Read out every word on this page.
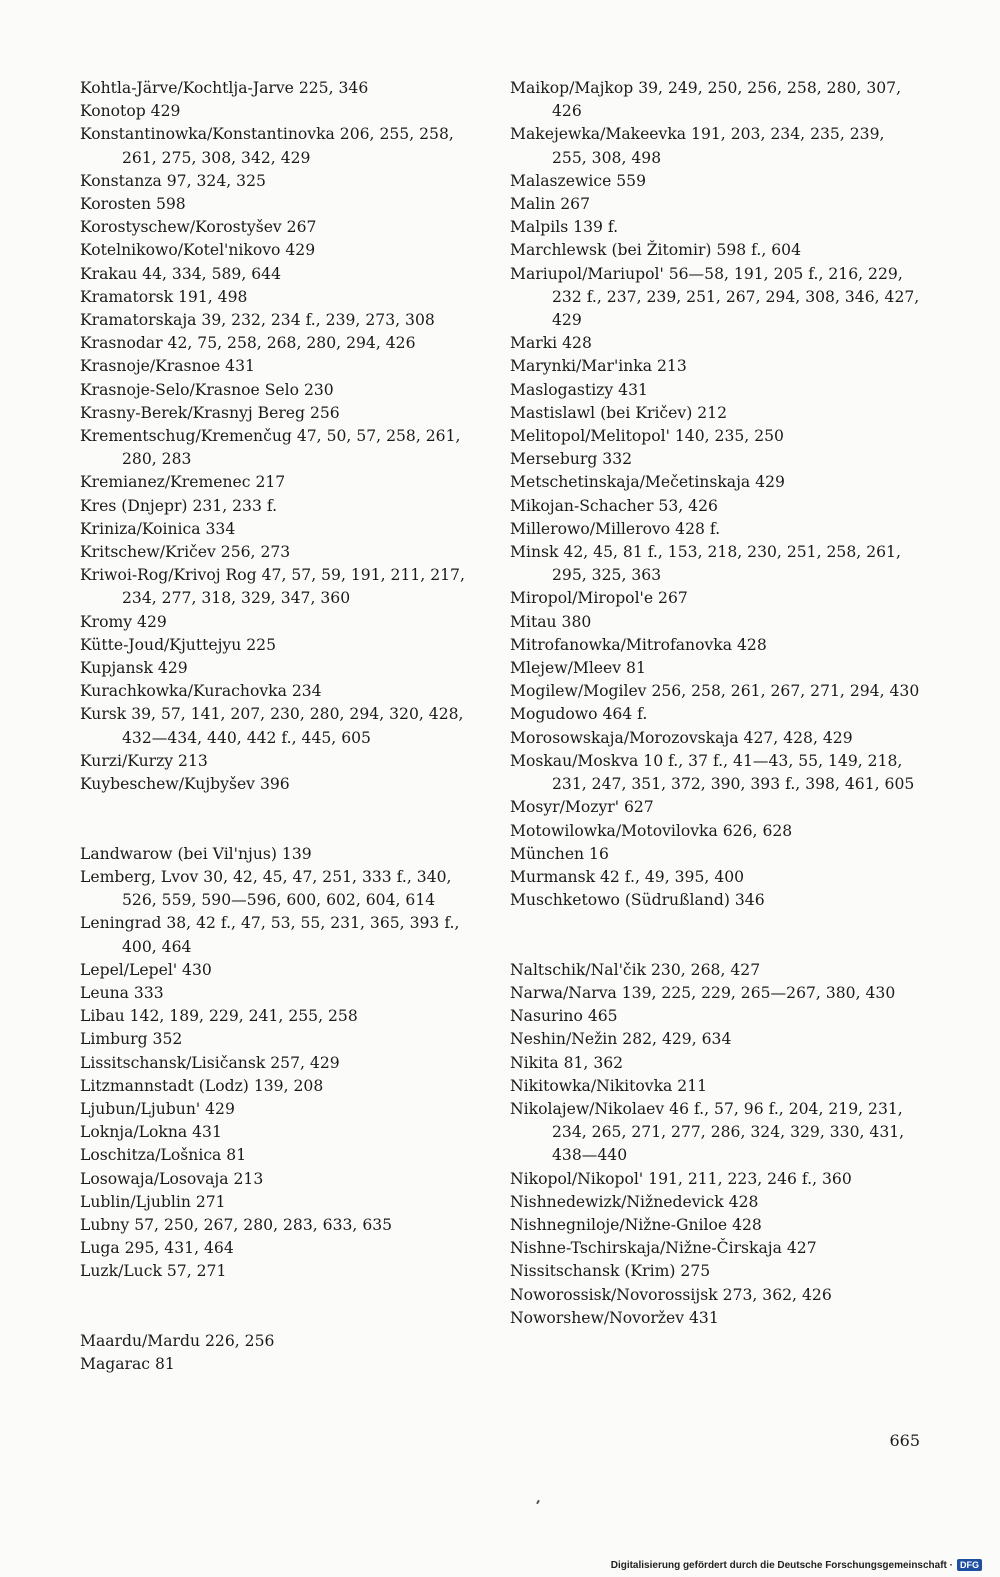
Kohtla-Järve/Kochtlja-Jarve 225, 346
Konotop 429
Konstantinowka/Konstantinovka 206, 255, 258, 261, 275, 308, 342, 429
Konstanza 97, 324, 325
Korosten 598
Korostyschew/Korostyšev 267
Kotelnikowo/Kotel'nikovo 429
Krakau 44, 334, 589, 644
Kramatorsk 191, 498
Kramatorskaja 39, 232, 234 f., 239, 273, 308
Krasnodar 42, 75, 258, 268, 280, 294, 426
Krasnoje/Krasnoe 431
Krasnoje-Selo/Krasnoe Selo 230
Krasny-Berek/Krasnyj Bereg 256
Krementschug/Kremenčug 47, 50, 57, 258, 261, 280, 283
Kremianez/Kremenec 217
Kres (Dnjepr) 231, 233 f.
Kriniza/Koinica 334
Kritschew/Kričev 256, 273
Kriwoi-Rog/Krivoj Rog 47, 57, 59, 191, 211, 217, 234, 277, 318, 329, 347, 360
Kromy 429
Kütte-Joud/Kjuttejyu 225
Kupjansk 429
Kurachkowka/Kurachovka 234
Kursk 39, 57, 141, 207, 230, 280, 294, 320, 428, 432—434, 440, 442 f., 445, 605
Kurzi/Kurzy 213
Kuybeschew/Kujbyšev 396
Landwarow (bei Vil'njus) 139
Lemberg, Lvov 30, 42, 45, 47, 251, 333 f., 340, 526, 559, 590—596, 600, 602, 604, 614
Leningrad 38, 42 f., 47, 53, 55, 231, 365, 393 f., 400, 464
Lepel/Lepel' 430
Leuna 333
Libau 142, 189, 229, 241, 255, 258
Limburg 352
Lissitschansk/Lisičansk 257, 429
Litzmannstadt (Lodz) 139, 208
Ljubun/Ljubun' 429
Loknja/Lokna 431
Loschitza/Lošnica 81
Losowaja/Losovaja 213
Lublin/Ljublin 271
Lubny 57, 250, 267, 280, 283, 633, 635
Luga 295, 431, 464
Luzk/Luck 57, 271
Maardu/Mardu 226, 256
Magarac 81
Maikop/Majkop 39, 249, 250, 256, 258, 280, 307, 426
Makejewka/Makeevka 191, 203, 234, 235, 239, 255, 308, 498
Malaszewice 559
Malin 267
Malpils 139 f.
Marchlewsk (bei Žitomir) 598 f., 604
Mariupol/Mariupol' 56—58, 191, 205 f., 216, 229, 232 f., 237, 239, 251, 267, 294, 308, 346, 427, 429
Marki 428
Marynki/Mar'inka 213
Maslogastizy 431
Mastislawl (bei Kričev) 212
Melitopol/Melitopol' 140, 235, 250
Merseburg 332
Metschetinskaja/Mečetinskaja 429
Mikojan-Schacher 53, 426
Millerowo/Millerovo 428 f.
Minsk 42, 45, 81 f., 153, 218, 230, 251, 258, 261, 295, 325, 363
Miropol/Miropol'e 267
Mitau 380
Mitrofanowka/Mitrofanovka 428
Mlejew/Mleev 81
Mogilew/Mogilev 256, 258, 261, 267, 271, 294, 430
Mogudowo 464 f.
Morosowskaja/Morozovskaja 427, 428, 429
Moskau/Moskva 10 f., 37 f., 41—43, 55, 149, 218, 231, 247, 351, 372, 390, 393 f., 398, 461, 605
Mosyr/Mozyr' 627
Motowilowka/Motovilovka 626, 628
München 16
Murmansk 42 f., 49, 395, 400
Muschketowo (Südrußland) 346
Naltschik/Nal'čik 230, 268, 427
Narwa/Narva 139, 225, 229, 265—267, 380, 430
Nasurino 465
Neshin/Nežin 282, 429, 634
Nikita 81, 362
Nikitowka/Nikitovka 211
Nikolajew/Nikolaev 46 f., 57, 96 f., 204, 219, 231, 234, 265, 271, 277, 286, 324, 329, 330, 431, 438—440
Nikopol/Nikopol' 191, 211, 223, 246 f., 360
Nishnedewizk/Nižnedevick 428
Nishnegniloje/Nižne-Gniloe 428
Nishne-Tschirskaja/Nižne-Čirskaja 427
Nissitschansk (Krim) 275
Noworossisk/Novorossijsk 273, 362, 426
Noworshew/Novoržev 431
665
Digitalisierung gefördert durch die Deutsche Forschungsgemeinschaft · DFG
